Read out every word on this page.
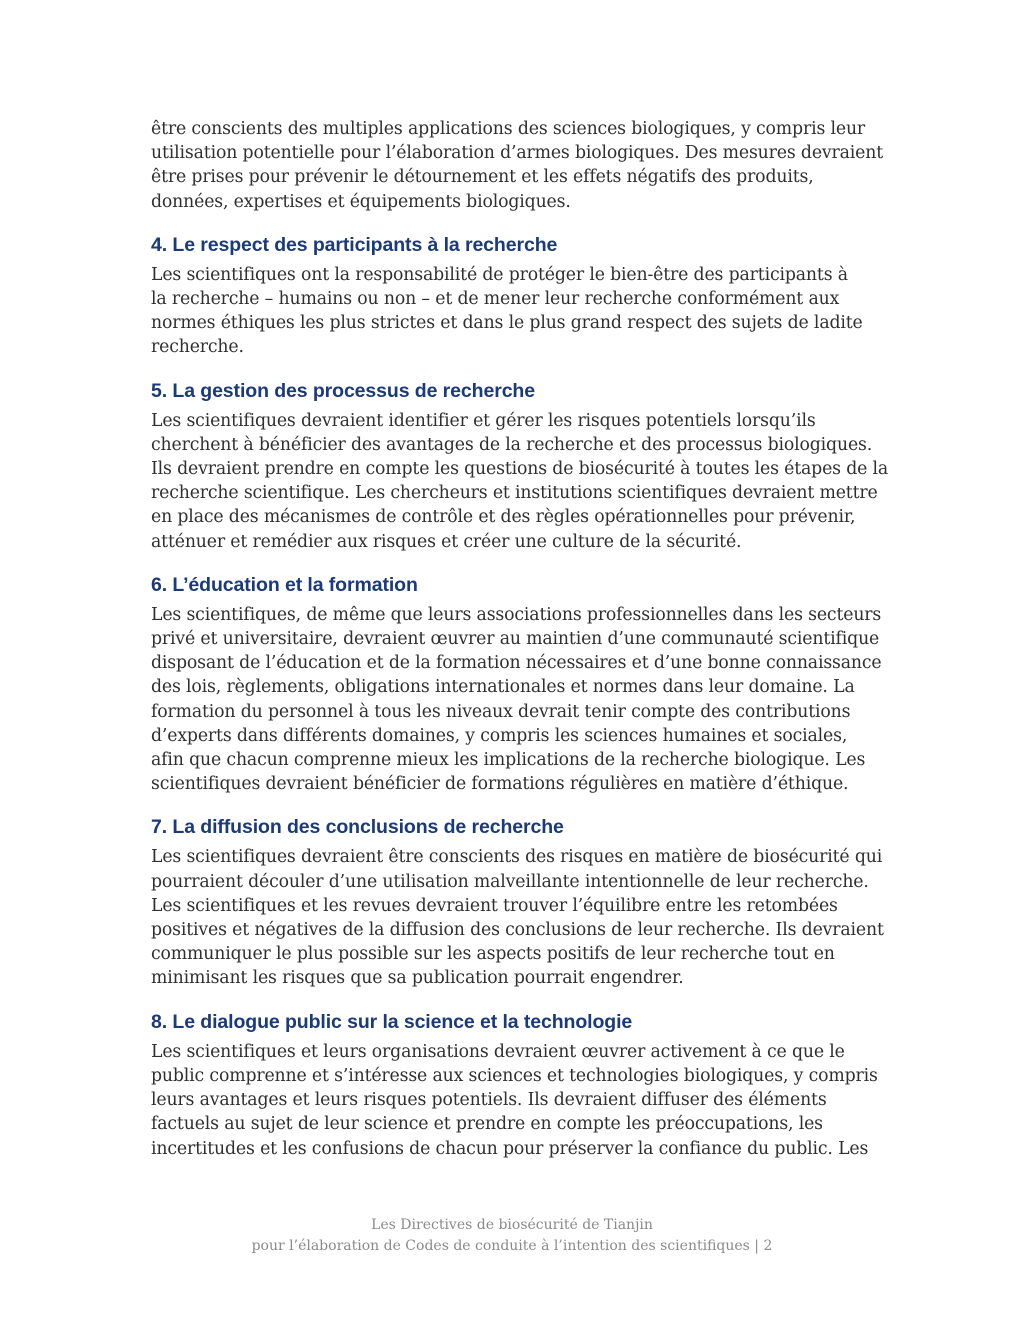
être conscients des multiples applications des sciences biologiques, y compris leur
utilisation potentielle pour l’élaboration d’armes biologiques. Des mesures devraient
être prises pour prévenir le détournement et les effets négatifs des produits,
données, expertises et équipements biologiques.
4. Le respect des participants à la recherche
Les scientifiques ont la responsabilité de protéger le bien-être des participants à
la recherche – humains ou non – et de mener leur recherche conformément aux
normes éthiques les plus strictes et dans le plus grand respect des sujets de ladite
recherche.
5. La gestion des processus de recherche
Les scientifiques devraient identifier et gérer les risques potentiels lorsqu’ils
cherchent à bénéficier des avantages de la recherche et des processus biologiques.
Ils devraient prendre en compte les questions de biosécurité à toutes les étapes de la
recherche scientifique. Les chercheurs et institutions scientifiques devraient mettre
en place des mécanismes de contrôle et des règles opérationnelles pour prévenir,
atténuer et remédier aux risques et créer une culture de la sécurité.
6. L’éducation et la formation
Les scientifiques, de même que leurs associations professionnelles dans les secteurs
privé et universitaire, devraient œuvrer au maintien d’une communauté scientifique
disposant de l’éducation et de la formation nécessaires et d’une bonne connaissance
des lois, règlements, obligations internationales et normes dans leur domaine. La
formation du personnel à tous les niveaux devrait tenir compte des contributions
d’experts dans différents domaines, y compris les sciences humaines et sociales,
afin que chacun comprenne mieux les implications de la recherche biologique. Les
scientifiques devraient bénéficier de formations régulières en matière d’éthique.
7. La diffusion des conclusions de recherche
Les scientifiques devraient être conscients des risques en matière de biosécurité qui
pourraient découler d’une utilisation malveillante intentionnelle de leur recherche.
Les scientifiques et les revues devraient trouver l’équilibre entre les retombées
positives et négatives de la diffusion des conclusions de leur recherche. Ils devraient
communiquer le plus possible sur les aspects positifs de leur recherche tout en
minimisant les risques que sa publication pourrait engendrer.
8. Le dialogue public sur la science et la technologie
Les scientifiques et leurs organisations devraient œuvrer activement à ce que le
public comprenne et s’intéresse aux sciences et technologies biologiques, y compris
leurs avantages et leurs risques potentiels. Ils devraient diffuser des éléments
factuels au sujet de leur science et prendre en compte les préoccupations, les
incertitudes et les confusions de chacun pour préserver la confiance du public. Les
Les Directives de biosécurité de Tianjin
pour l’élaboration de Codes de conduite à l’intention des scientifiques | 2
